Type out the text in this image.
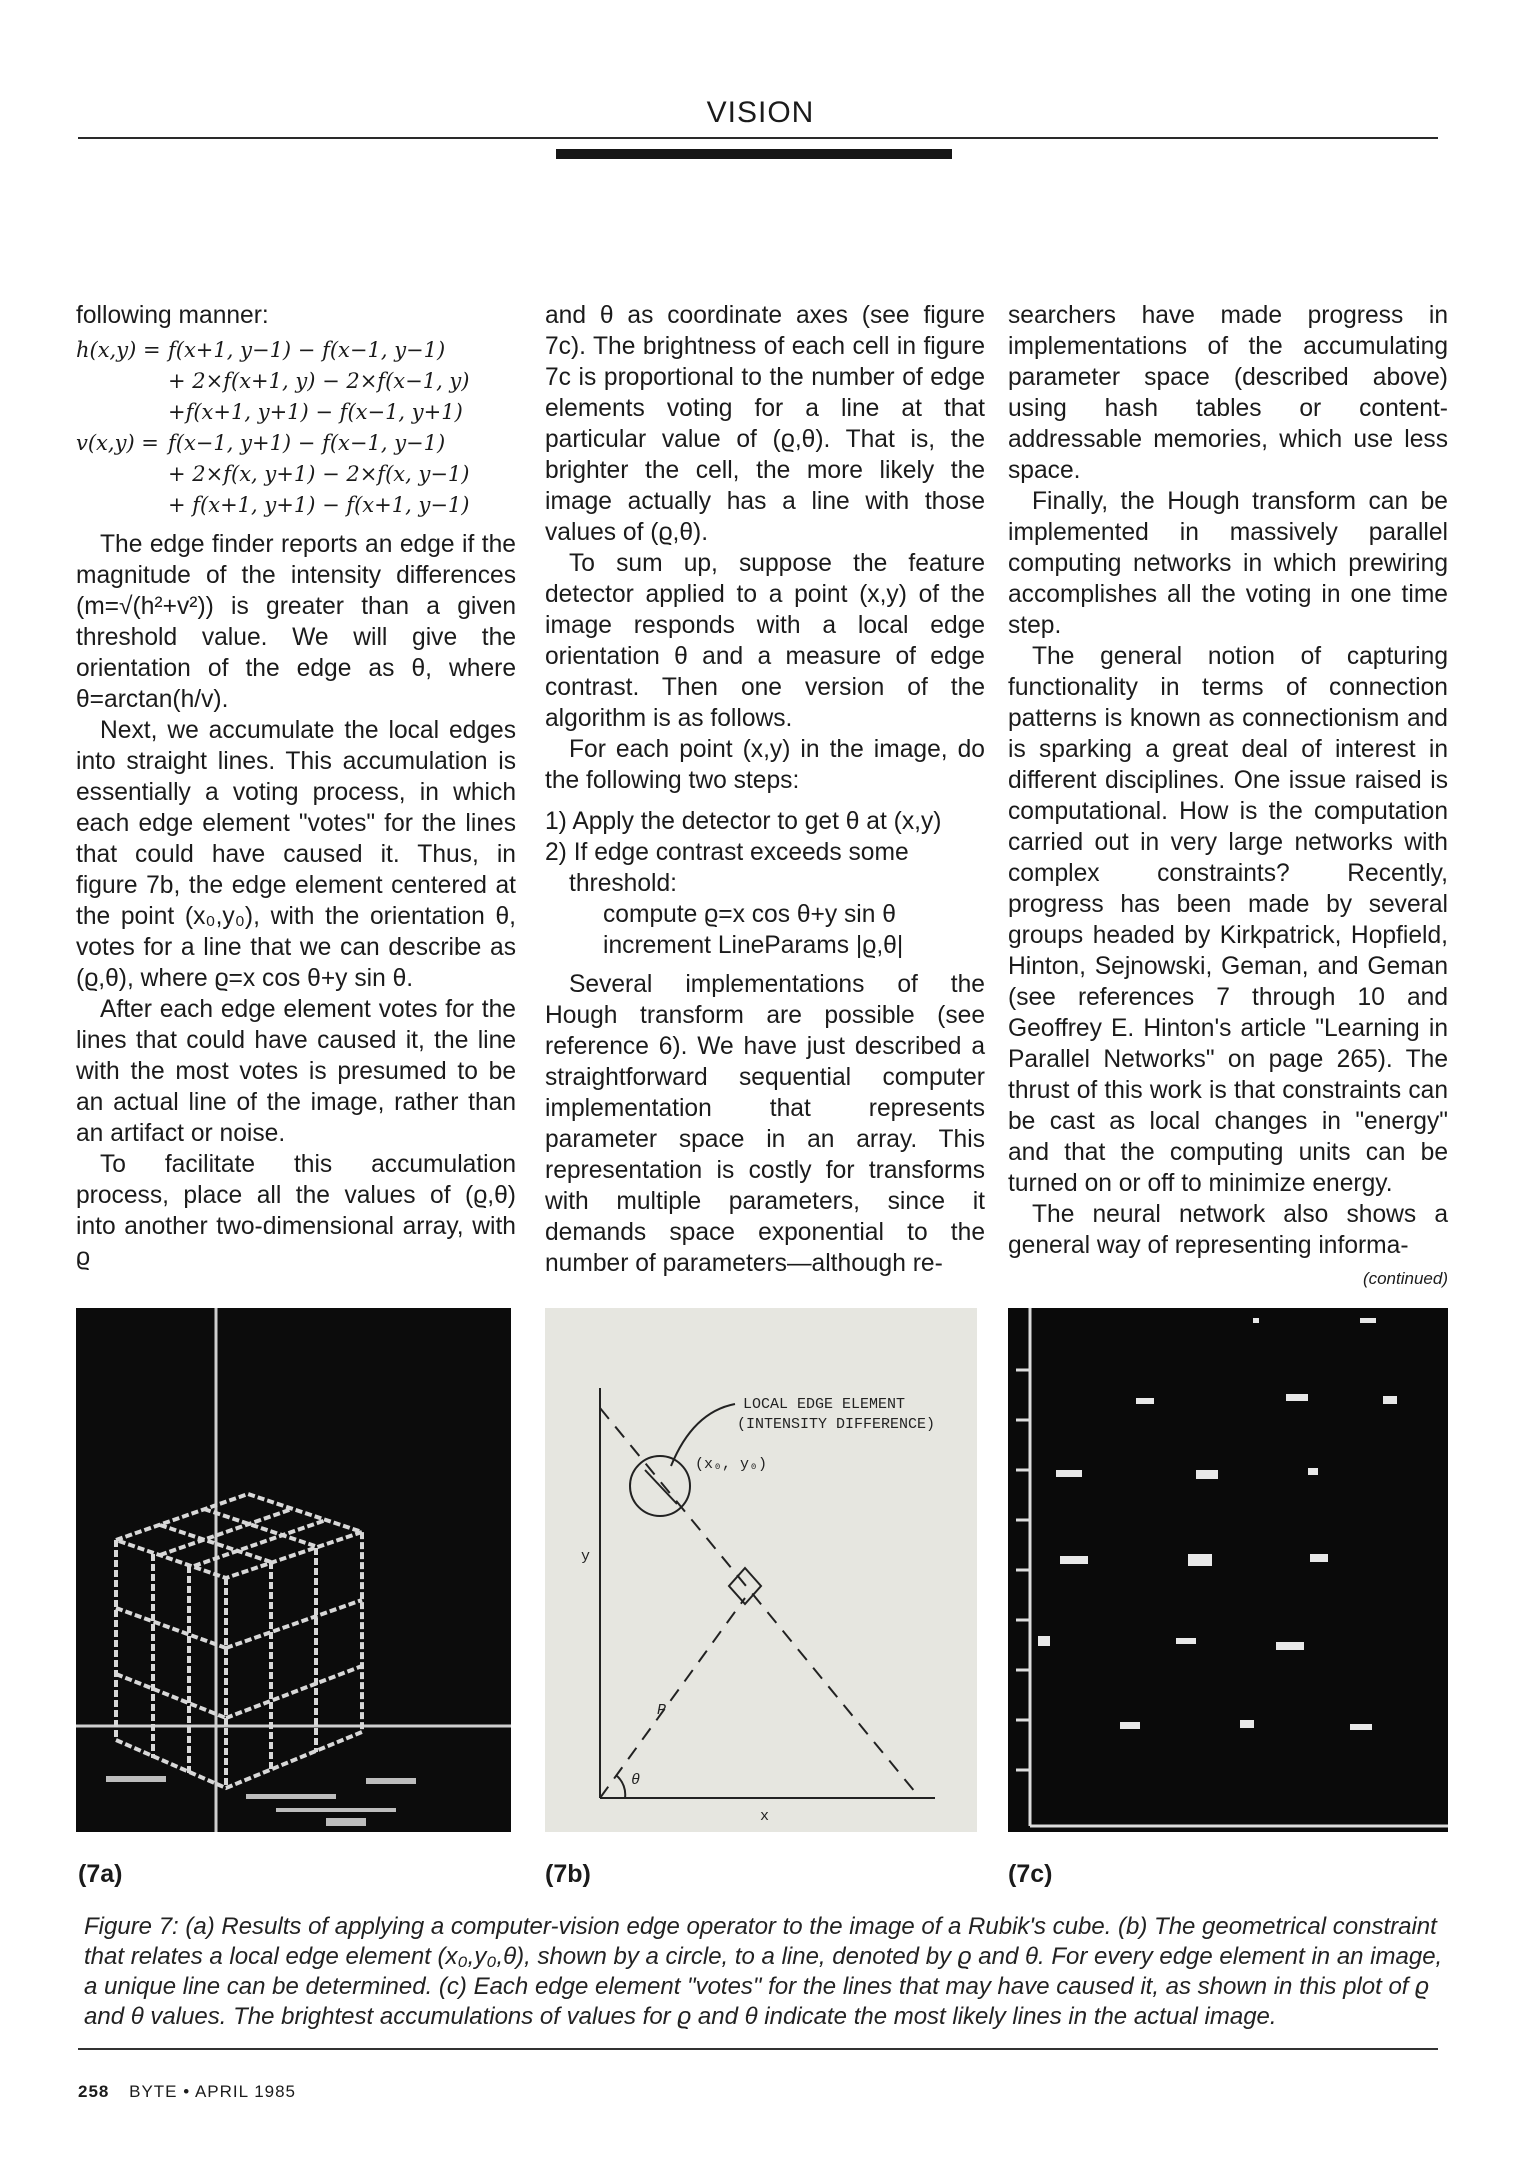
VISION

following manner:

h(x,y) = f(x+1, y−1) − f(x−1, y−1)
+ 2×f(x+1, y) − 2×f(x−1, y)
+f(x+1, y+1) − f(x−1, y+1)
v(x,y) = f(x−1, y+1) − f(x−1, y−1)
+ 2×f(x, y+1) − 2×f(x, y−1)
+ f(x+1, y+1) − f(x+1, y−1)

The edge finder reports an edge if the magnitude of the intensity differences (m=√(h²+v²)) is greater than a given threshold value. We will give the orientation of the edge as θ, where θ=arctan(h/v).

Next, we accumulate the local edges into straight lines. This accumulation is essentially a voting process, in which each edge element "votes" for the lines that could have caused it. Thus, in figure 7b, the edge element centered at the point (x₀,y₀), with the orientation θ, votes for a line that we can describe as (ϱ,θ), where ϱ=x cos θ+y sin θ.

After each edge element votes for the lines that could have caused it, the line with the most votes is presumed to be an actual line of the image, rather than an artifact or noise.

To facilitate this accumulation process, place all the values of (ϱ,θ) into another two-dimensional array, with ϱ

and θ as coordinate axes (see figure 7c). The brightness of each cell in figure 7c is proportional to the number of edge elements voting for a line at that particular value of (ϱ,θ). That is, the brighter the cell, the more likely the image actually has a line with those values of (ϱ,θ).

To sum up, suppose the feature detector applied to a point (x,y) of the image responds with a local edge orientation θ and a measure of edge contrast. Then one version of the algorithm is as follows.

For each point (x,y) in the image, do the following two steps:

1) Apply the detector to get θ at (x,y)
2) If edge contrast exceeds some threshold:
compute ϱ=x cos θ+y sin θ
increment LineParams |ϱ,θ|

Several implementations of the Hough transform are possible (see reference 6). We have just described a straightforward sequential computer implementation that represents parameter space in an array. This representation is costly for transforms with multiple parameters, since it demands space exponential to the number of parameters—although re-

searchers have made progress in implementations of the accumulating parameter space (described above) using hash tables or content-addressable memories, which use less space.

Finally, the Hough transform can be implemented in massively parallel computing networks in which prewiring accomplishes all the voting in one time step.

The general notion of capturing functionality in terms of connection patterns is known as connectionism and is sparking a great deal of interest in different disciplines. One issue raised is computational. How is the computation carried out in very large networks with complex constraints? Recently, progress has been made by several groups headed by Kirkpatrick, Hopfield, Hinton, Sejnowski, Geman, and Geman (see references 7 through 10 and Geoffrey E. Hinton's article "Learning in Parallel Networks" on page 265). The thrust of this work is that constraints can be cast as local changes in "energy" and that the computing units can be turned on or off to minimize energy.

The neural network also shows a general way of representing informa-

(continued)
LOCAL EDGE ELEMENT
(INTENSITY DIFFERENCE)
(x₀, y₀)
y
x
P
θ
(7a)	(7b)	(7c)
Figure 7: (a) Results of applying a computer-vision edge operator to the image of a Rubik's cube. (b) The geometrical constraint that relates a local edge element (x₀,y₀,θ), shown by a circle, to a line, denoted by ϱ and θ. For every edge element in an image, a unique line can be determined. (c) Each edge element "votes" for the lines that may have caused it, as shown in this plot of ϱ and θ values. The brightest accumulations of values for ϱ and θ indicate the most likely lines in the actual image.
258 BYTE • APRIL 1985
